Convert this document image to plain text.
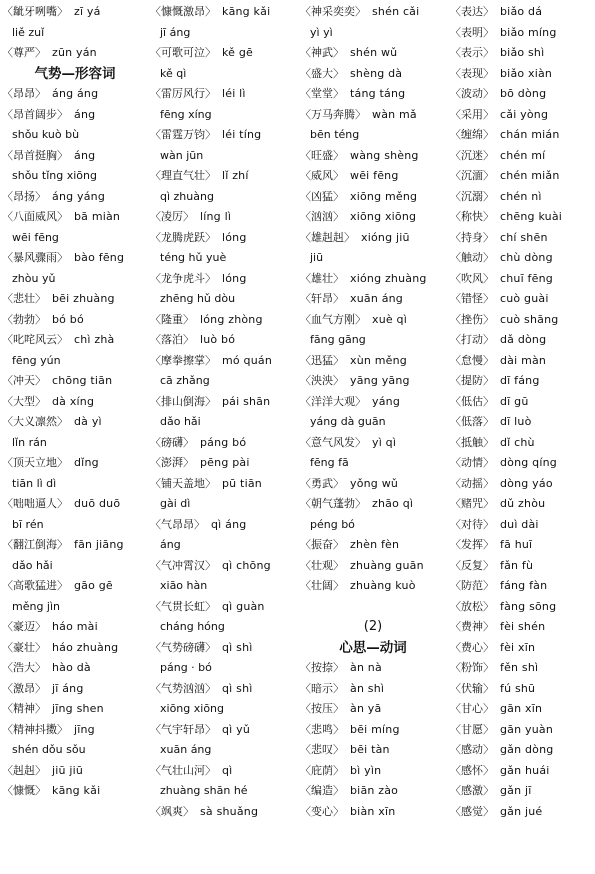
〈龇牙咧嘴〉 zī yá
liě zuǐ
〈尊严〉 zūn yán
气势—形容词
〈昂昂〉 áng áng
〈昂首阔步〉 áng
shǒu kuò bù
〈昂首挺胸〉 áng
shǒu tǐng xiōng
〈昂扬〉 áng yáng
〈八面威风〉 bā miàn
wēi fēng
〈暴风骤雨〉 bào fēng
zhòu yǔ
〈悲壮〉 bēi zhuàng
〈勃勃〉 bó bó
〈叱咤风云〉 chì zhà
fēng yún
〈冲天〉 chōng tiān
〈大型〉 dà xíng
〈大义凛然〉 dà yì
lǐn rán
〈顶天立地〉 dǐng
tiān lì dì
〈咄咄逼人〉 duō duō
bī rén
〈翻江倒海〉 fān jiāng
dǎo hǎi
〈高歌猛进〉 gāo gē
měng jìn
〈豪迈〉 háo mài
〈豪壮〉 háo zhuàng
〈浩大〉 hào dà
〈激昂〉 jī áng
〈精神〉 jīng shen
〈精神抖擞〉 jīng
shén dǒu sǒu
〈赳赳〉 jiū jiū
〈慷慨〉 kāng kǎi
〈慷慨激昂〉 kāng kǎi
jī áng
〈可歌可泣〉 kě gē
kě qì
〈雷厉风行〉 léi lì
fēng xíng
〈雷霆万钧〉 léi tíng
wàn jūn
〈理直气壮〉 lǐ zhí
qì zhuàng
〈凌厉〉 líng lì
〈龙腾虎跃〉 lóng
téng hǔ yuè
〈龙争虎斗〉 lóng
zhēng hǔ dòu
〈隆重〉 lóng zhòng
〈落泊〉 luò bó
〈摩拳擦掌〉 mó quán
cā zhǎng
〈排山倒海〉 pái shān
dǎo hǎi
〈磅礴〉 páng bó
〈澎湃〉 pēng pài
〈铺天盖地〉 pū tiān
gài dì
〈气昂昂〉 qì áng
áng
〈气冲霄汉〉 qì chōng
xiāo hàn
〈气贯长虹〉 qì guàn
cháng hóng
〈气势磅礴〉 qì shì
páng · bó
〈气势汹汹〉 qì shì
xiōng xiōng
〈气宇轩昂〉 qì yǔ
xuān áng
〈气壮山河〉 qì
zhuàng shān hé
〈飒爽〉 sà shuǎng
〈神采奕奕〉 shén cǎi
yì yì
〈神武〉 shén wǔ
〈盛大〉 shèng dà
〈堂堂〉 táng táng
〈万马奔腾〉 wàn mǎ
bēn téng
〈旺盛〉 wàng shèng
〈威风〉 wēi fēng
〈凶猛〉 xiōng měng
〈汹汹〉 xiōng xiōng
〈雄赳赳〉 xióng jiū
jiū
〈雄壮〉 xióng zhuàng
〈轩昂〉 xuān áng
〈血气方刚〉 xuè qì
fāng gāng
〈迅猛〉 xùn měng
〈泱泱〉 yāng yāng
〈洋洋大观〉 yáng
yáng dà guān
〈意气风发〉 yì qì
fēng fā
〈勇武〉 yǒng wǔ
〈朝气蓬勃〉 zhāo qì
péng bó
〈振奋〉 zhèn fèn
〈壮观〉 zhuàng guān
〈壮阔〉 zhuàng kuò
(2)
心思—动词
〈按捺〉 àn nà
〈暗示〉 àn shì
〈按压〉 àn yā
〈悲鸣〉 bēi míng
〈悲叹〉 bēi tàn
〈庇荫〉 bì yìn
〈编造〉 biān zào
〈变心〉 biàn xīn
〈表达〉 biǎo dá
〈表明〉 biǎo míng
〈表示〉 biǎo shì
〈表现〉 biǎo xiàn
〈波动〉 bō dòng
〈采用〉 cǎi yòng
〈缠绵〉 chán mián
〈沉迷〉 chén mí
〈沉湎〉 chén miǎn
〈沉溺〉 chén nì
〈称快〉 chēng kuài
〈持身〉 chí shēn
〈触动〉 chù dòng
〈吹风〉 chuī fēng
〈错怪〉 cuò guài
〈挫伤〉 cuò shāng
〈打动〉 dǎ dòng
〈怠慢〉 dài màn
〈提防〉 dī fáng
〈低估〉 dī gū
〈低落〉 dī luò
〈抵触〉 dǐ chù
〈动情〉 dòng qíng
〈动摇〉 dòng yáo
〈赌咒〉 dǔ zhòu
〈对待〉 duì dài
〈发挥〉 fā huī
〈反复〉 fǎn fù
〈防范〉 fáng fàn
〈放松〉 fàng sōng
〈费神〉 fèi shén
〈费心〉 fèi xīn
〈粉饰〉 fěn shì
〈伏输〉 fú shū
〈甘心〉 gān xīn
〈甘愿〉 gān yuàn
〈感动〉 gǎn dòng
〈感怀〉 gǎn huái
〈感激〉 gǎn jī
〈感觉〉 gǎn jué
